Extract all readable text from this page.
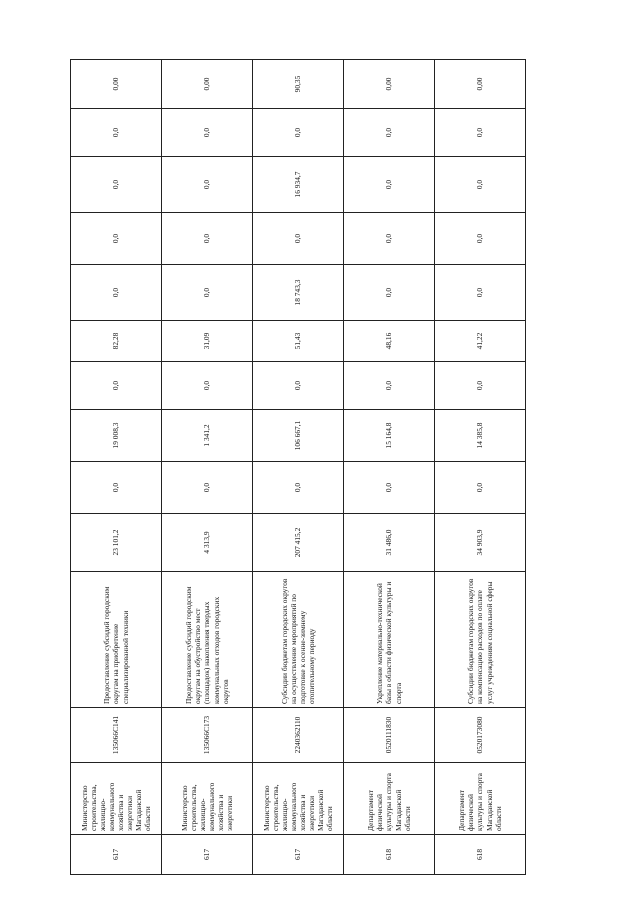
617	Министерство строительства, жилищно-коммунального хозяйства и энергетики Магаданской области	135066С141	Предоставление субсидий городским округам на приобретение специализированной техники	23 101,2	0,0	19 008,3	0,0	82,28	0,0	0,0	0,0	0,0	0,00
617	Министерство строительства, жилищно-коммунального хозяйства и энергетики	135066С173	Предоставление субсидий городским округам на обустройство мест (площадок) накопления твердых коммунальных отходов городских округов	4 313,9	0,0	1 341,2	0,0	31,09	0,0	0,0	0,0	0,0	0,00
617	Министерство строительства, жилищно-коммунального хозяйства и энергетики Магаданской области	2240362110	Субсидии бюджетам городских округов на осуществление мероприятий по подготовке к осенне-зимнему отопительному периоду	207 415,2	0,0	106 667,1	0,0	51,43	18 743,3	0,0	16 934,7	0,0	90,35
618	Департамент физической культуры и спорта Магаданской области	0520111830	Укрепление материально-технической базы в области физической культуры и спорта	31 486,0	0,0	15 164,8	0,0	48,16	0,0	0,0	0,0	0,0	0,00
618	Департамент физической культуры и спорта Магаданской области	0520173080	Субсидии бюджетам городских округов на компенсацию расходов по оплате услуг учреждениям социальной сферы	34 903,9	0,0	14 385,8	0,0	41,22	0,0	0,0	0,0	0,0	0,00
